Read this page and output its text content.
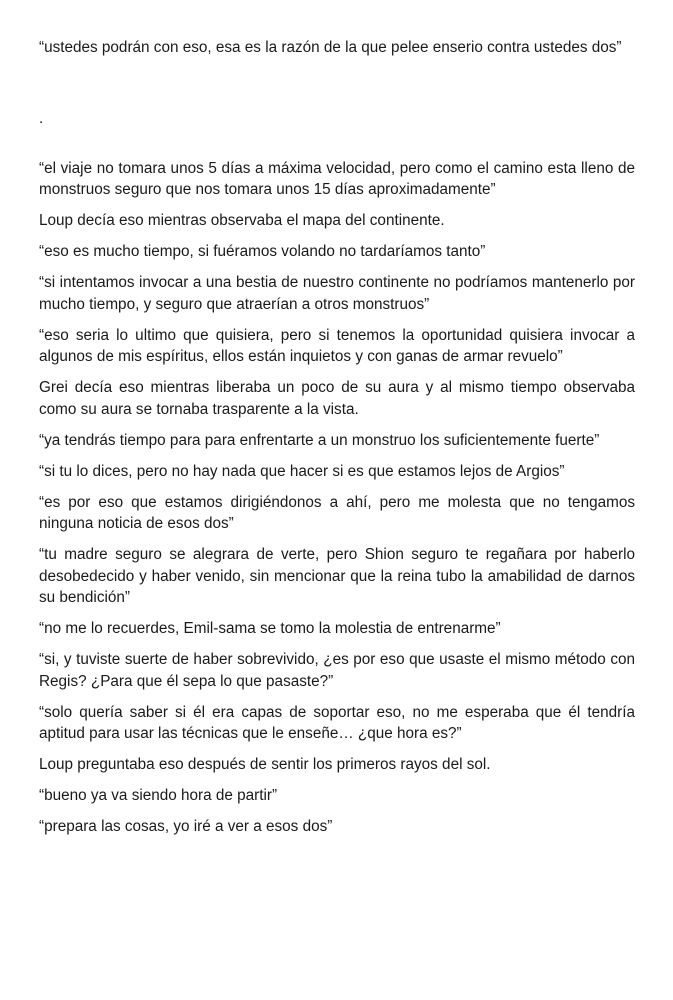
“ustedes podrán con eso, esa es la razón de la que pelee enserio contra ustedes dos”

.

“el viaje no tomara unos 5 días a máxima velocidad, pero como el camino esta lleno de monstruos seguro que nos tomara unos 15 días aproximadamente”

Loup decía eso mientras observaba el mapa del continente.

“eso es mucho tiempo, si fuéramos volando no tardaríamos tanto”

“si intentamos invocar a una bestia de nuestro continente no podríamos mantenerlo por mucho tiempo, y seguro que atraerían a otros monstruos”

“eso seria lo ultimo que quisiera, pero si tenemos la oportunidad quisiera invocar a algunos de mis espíritus, ellos están inquietos y con ganas de armar revuelo”

Grei decía eso mientras liberaba un poco de su aura y al mismo tiempo observaba como su aura se tornaba trasparente a la vista.

“ya tendrás tiempo para para enfrentarte a un monstruo los suficientemente fuerte”

“si tu lo dices, pero no hay nada que hacer si es que estamos lejos de Argios”

“es por eso que estamos dirigiéndonos a ahí, pero me molesta que no tengamos ninguna noticia de esos dos”

“tu madre seguro se alegrara de verte, pero Shion seguro te regañara por haberlo desobedecido y haber venido, sin mencionar que la reina tubo la amabilidad de darnos su bendición”

“no me lo recuerdes, Emil-sama se tomo la molestia de entrenarme”

“si, y tuviste suerte de haber sobrevivido, ¿es por eso que usaste el mismo método con Regis? ¿Para que él sepa lo que pasaste?”

“solo quería saber si él era capas de soportar eso, no me esperaba que él tendría aptitud para usar las técnicas que le enseñe… ¿que hora es?”

Loup preguntaba eso después de sentir los primeros rayos del sol.

“bueno ya va siendo hora de partir”

“prepara las cosas, yo iré a ver a esos dos”
